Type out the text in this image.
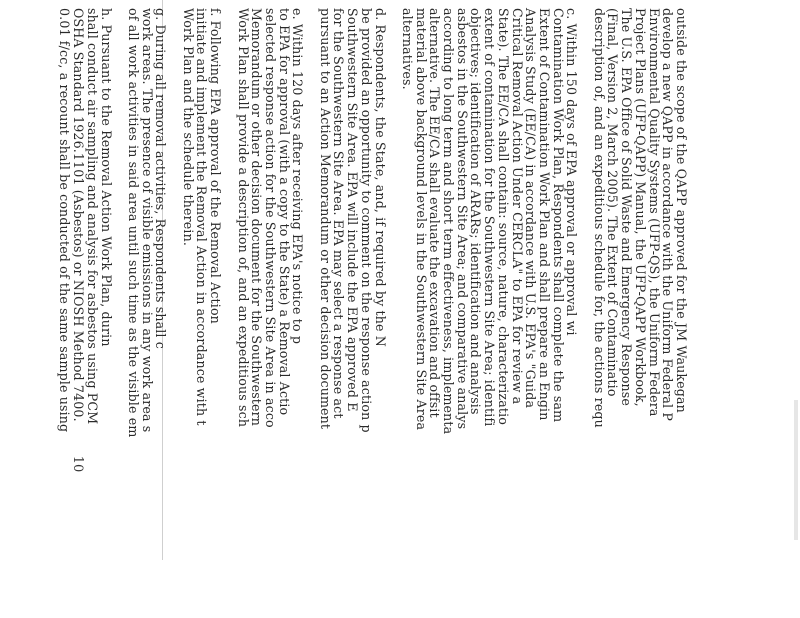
outside the scope of the QAPP approved for the JM Waukegan
develop a new QAPP in accordance with the Uniform Federal P
Environmental Quality Systems (UFP-QS), the Uniform Federa
Project Plans (UFP-QAPP) Manual, the UFP-QAPP Workbook,
The U.S. EPA Office of Solid Waste and Emergency Response
(Final, Version 2, March 2005). The Extent of Contaminatio
description of, and an expeditious schedule for, the actions requ
c. Within 150 days of EPA approval or approval wi
Contamination Work Plan, Respondents shall complete the sam
Extent of Contamination Work Plan and shall prepare an Engin
Analysis Study (EE/CA) in accordance with U.S. EPA's "Guida
Critical Removal Action Under CERCLA" to EPA for review a
State). The EE/CA shall contain: source, nature, characterizatio
extent of contamination for the Southwestern Site Area; identifi
objectives; identification of ARARs; identification and analysis
asbestos in the Southwestern Site Area; and comparative analys
according to long term and short term effectiveness, implementa
alternative. The EE/CA shall evaluate the excavation and offsit
material above background levels in the Southwestern Site Area
alternatives.
d. Respondents, the State, and, if required by the N
be provided an opportunity to comment on the response action p
Southwestern Site Area. EPA will include the EPA approved E
for the Southwestern Site Area. EPA may select a response act
pursuant to an Action Memorandum or other decision document
e. Within 120 days after receiving EPA's notice to p
to EPA for approval (with a copy to the State) a Removal Actio
selected response action for the Southwestern Site Area in acco
Memorandum or other decision document for the Southwestern
Work Plan shall provide a description of, and an expeditious sch
f. Following EPA approval of the Removal Action
initiate and implement the Removal Action in accordance with t
Work Plan and the schedule therein.
g. During all removal activities, Respondents shall c
work areas. The presence of visible emissions in any work area s
of all work activities in said area until such time as the visible em
h. Pursuant to the Removal Action Work Plan, durin
shall conduct air sampling and analysis for asbestos using PCM
OSHA Standard 1926.1101 (Asbestos) or NIOSH Method 7400.
0.01 f/cc, a recount shall be conducted of the same sample using
10
